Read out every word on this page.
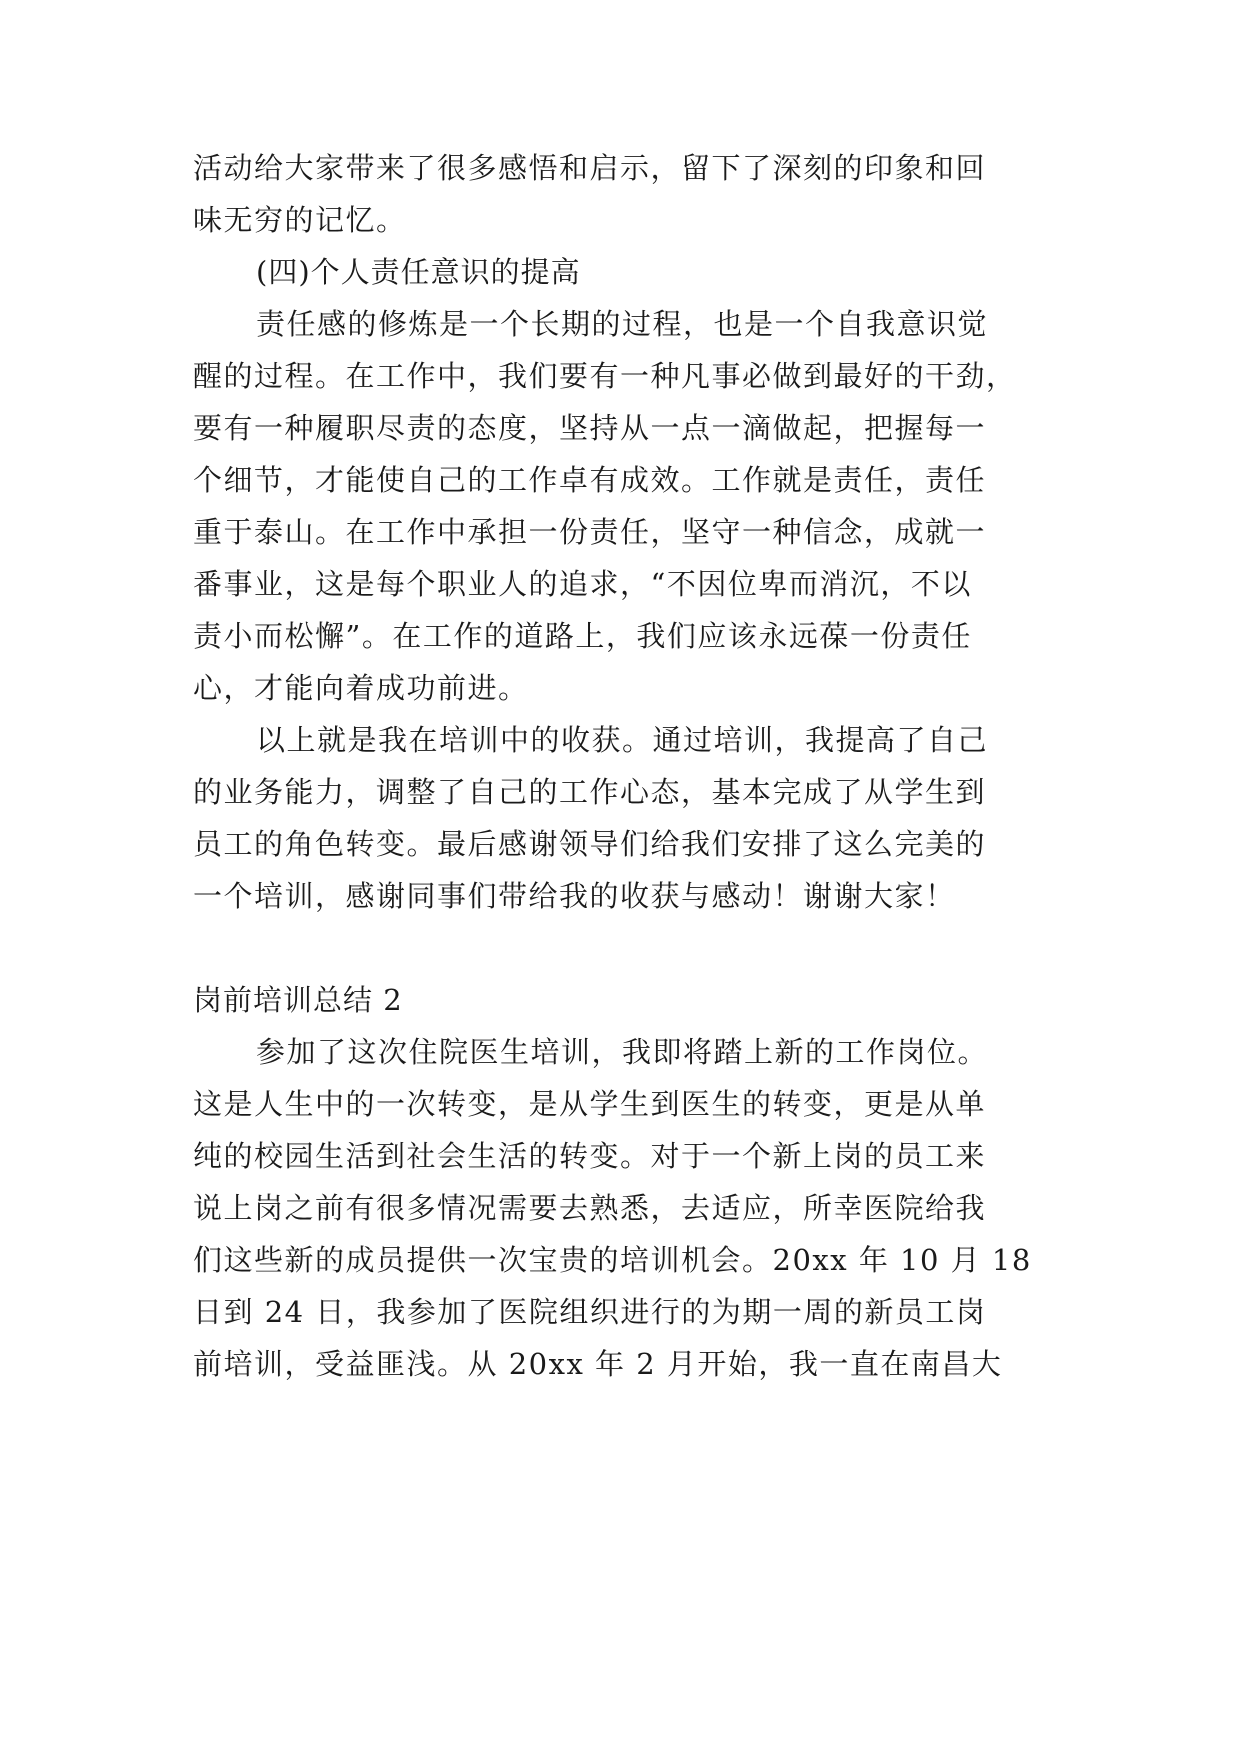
活动给大家带来了很多感悟和启示，留下了深刻的印象和回
味无穷的记忆。
(四)个人责任意识的提高
责任感的修炼是一个长期的过程，也是一个自我意识觉
醒的过程。在工作中，我们要有一种凡事必做到最好的干劲，
要有一种履职尽责的态度，坚持从一点一滴做起，把握每一
个细节，才能使自己的工作卓有成效。工作就是责任，责任
重于泰山。在工作中承担一份责任，坚守一种信念，成就一
番事业，这是每个职业人的追求，“不因位卑而消沉，不以
责小而松懈”。在工作的道路上，我们应该永远葆一份责任
心，才能向着成功前进。
以上就是我在培训中的收获。通过培训，我提高了自己
的业务能力，调整了自己的工作心态，基本完成了从学生到
员工的角色转变。最后感谢领导们给我们安排了这么完美的
一个培训，感谢同事们带给我的收获与感动！谢谢大家！
岗前培训总结 2
参加了这次住院医生培训，我即将踏上新的工作岗位。
这是人生中的一次转变，是从学生到医生的转变，更是从单
纯的校园生活到社会生活的转变。对于一个新上岗的员工来
说上岗之前有很多情况需要去熟悉，去适应，所幸医院给我
们这些新的成员提供一次宝贵的培训机会。20xx 年 10 月 18
日到 24 日，我参加了医院组织进行的为期一周的新员工岗
前培训，受益匪浅。从 20xx 年 2 月开始，我一直在南昌大
